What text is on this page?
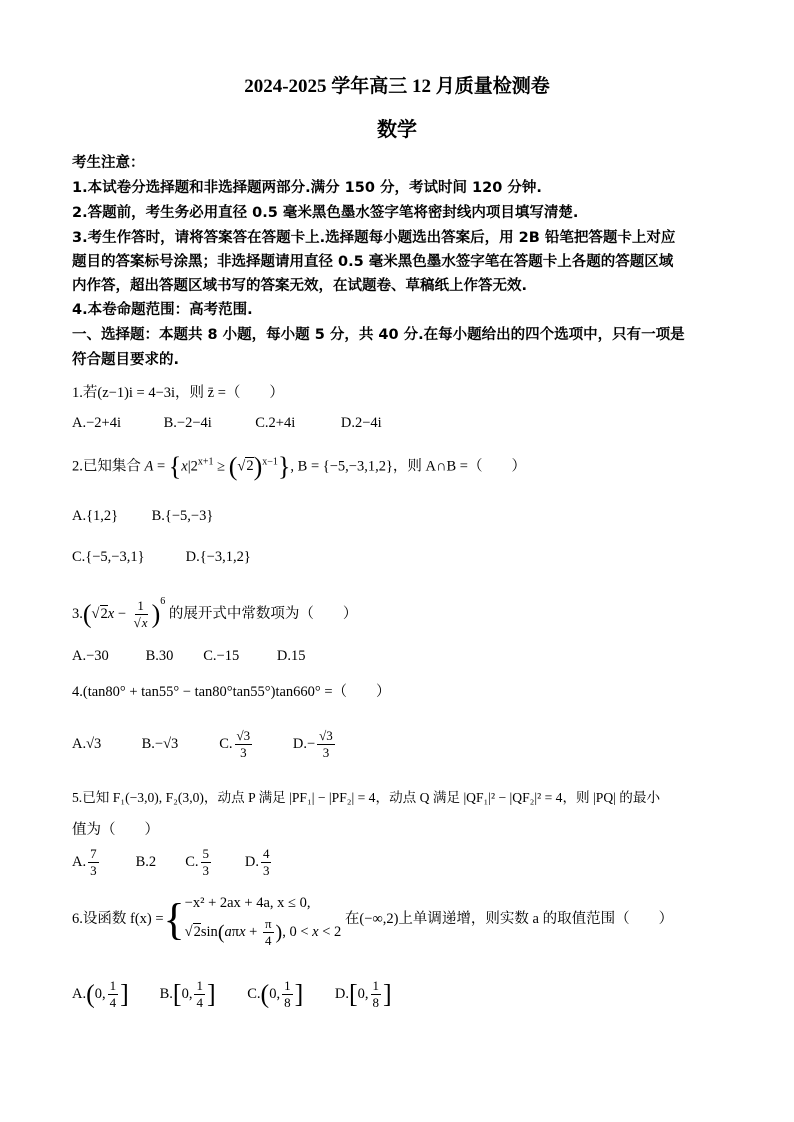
2024-2025 学年高三 12 月质量检测卷
数学
考生注意：
1.本试卷分选择题和非选择题两部分.满分 150 分，考试时间 120 分钟.
2.答题前，考生务必用直径 0.5 毫米黑色墨水签字笔将密封线内项目填写清楚.
3.考生作答时，请将答案答在答题卡上.选择题每小题选出答案后，用 2B 铅笔把答题卡上对应
题目的答案标号涂黑；非选择题请用直径 0.5 毫米黑色墨水签字笔在答题卡上各题的答题区域
内作答，超出答题区域书写的答案无效，在试题卷、草稿纸上作答无效.
4.本卷命题范围：高考范围.
一、选择题：本题共 8 小题，每小题 5 分，共 40 分.在每小题给出的四个选项中，只有一项是
符合题目要求的.
1.若(z−1)i = 4−3i，则 z̄ =（　　）
A.−2+4i	B.−2−4i	C.2+4i	D.2−4i
2.已知集合 $A = \{x|2^{x+1} \ge (√2)^{x-1}\}$, B = {−5,−3,1,2}，则 A∩B =（　　）
A.{1,2} B.{−5,−3}
C.{−5,−3,1}	D.{−3,1,2}
$3.(√2x - \frac{1}{√x} )^6$ 的展开式中常数项为（　　）
A.−30	B.30 C.−15	D.15
4.(tan80° + tan55° − tan80°tan55°)tan660° =（　　）
A.√3	B.−√3	C. $\frac{√3}{3}$	$D.- \frac{√3}{3}$
5.已知 F₁(−3,0), F₂(3,0)，动点 P 满足 |PF₁| − |PF₂| = 4，动点 Q 满足 |QF₁|² − |QF₂|² = 4，则 |PQ| 的最小
值为（　　）
A. $\frac{7}{3}$	B.2 C. $\frac{5}{3} D$. $\frac{4}{3}$
6.设函数 f(x) ={ −x² + 2ax + 4a, x ≤ 0,
$√2\sin(a\pi x + \frac{\pi}{4}$ ), 0 < x < 2
在(−∞,2)上单调递增，则实数 a 的取值范围（　　）
A.(0, $\frac{1}{4}$ ] B.[0, $\frac{1}{4}$ ] C.(0, $\frac{1}{8}$ ] D.[0, $\frac{1}{8}$ ]
